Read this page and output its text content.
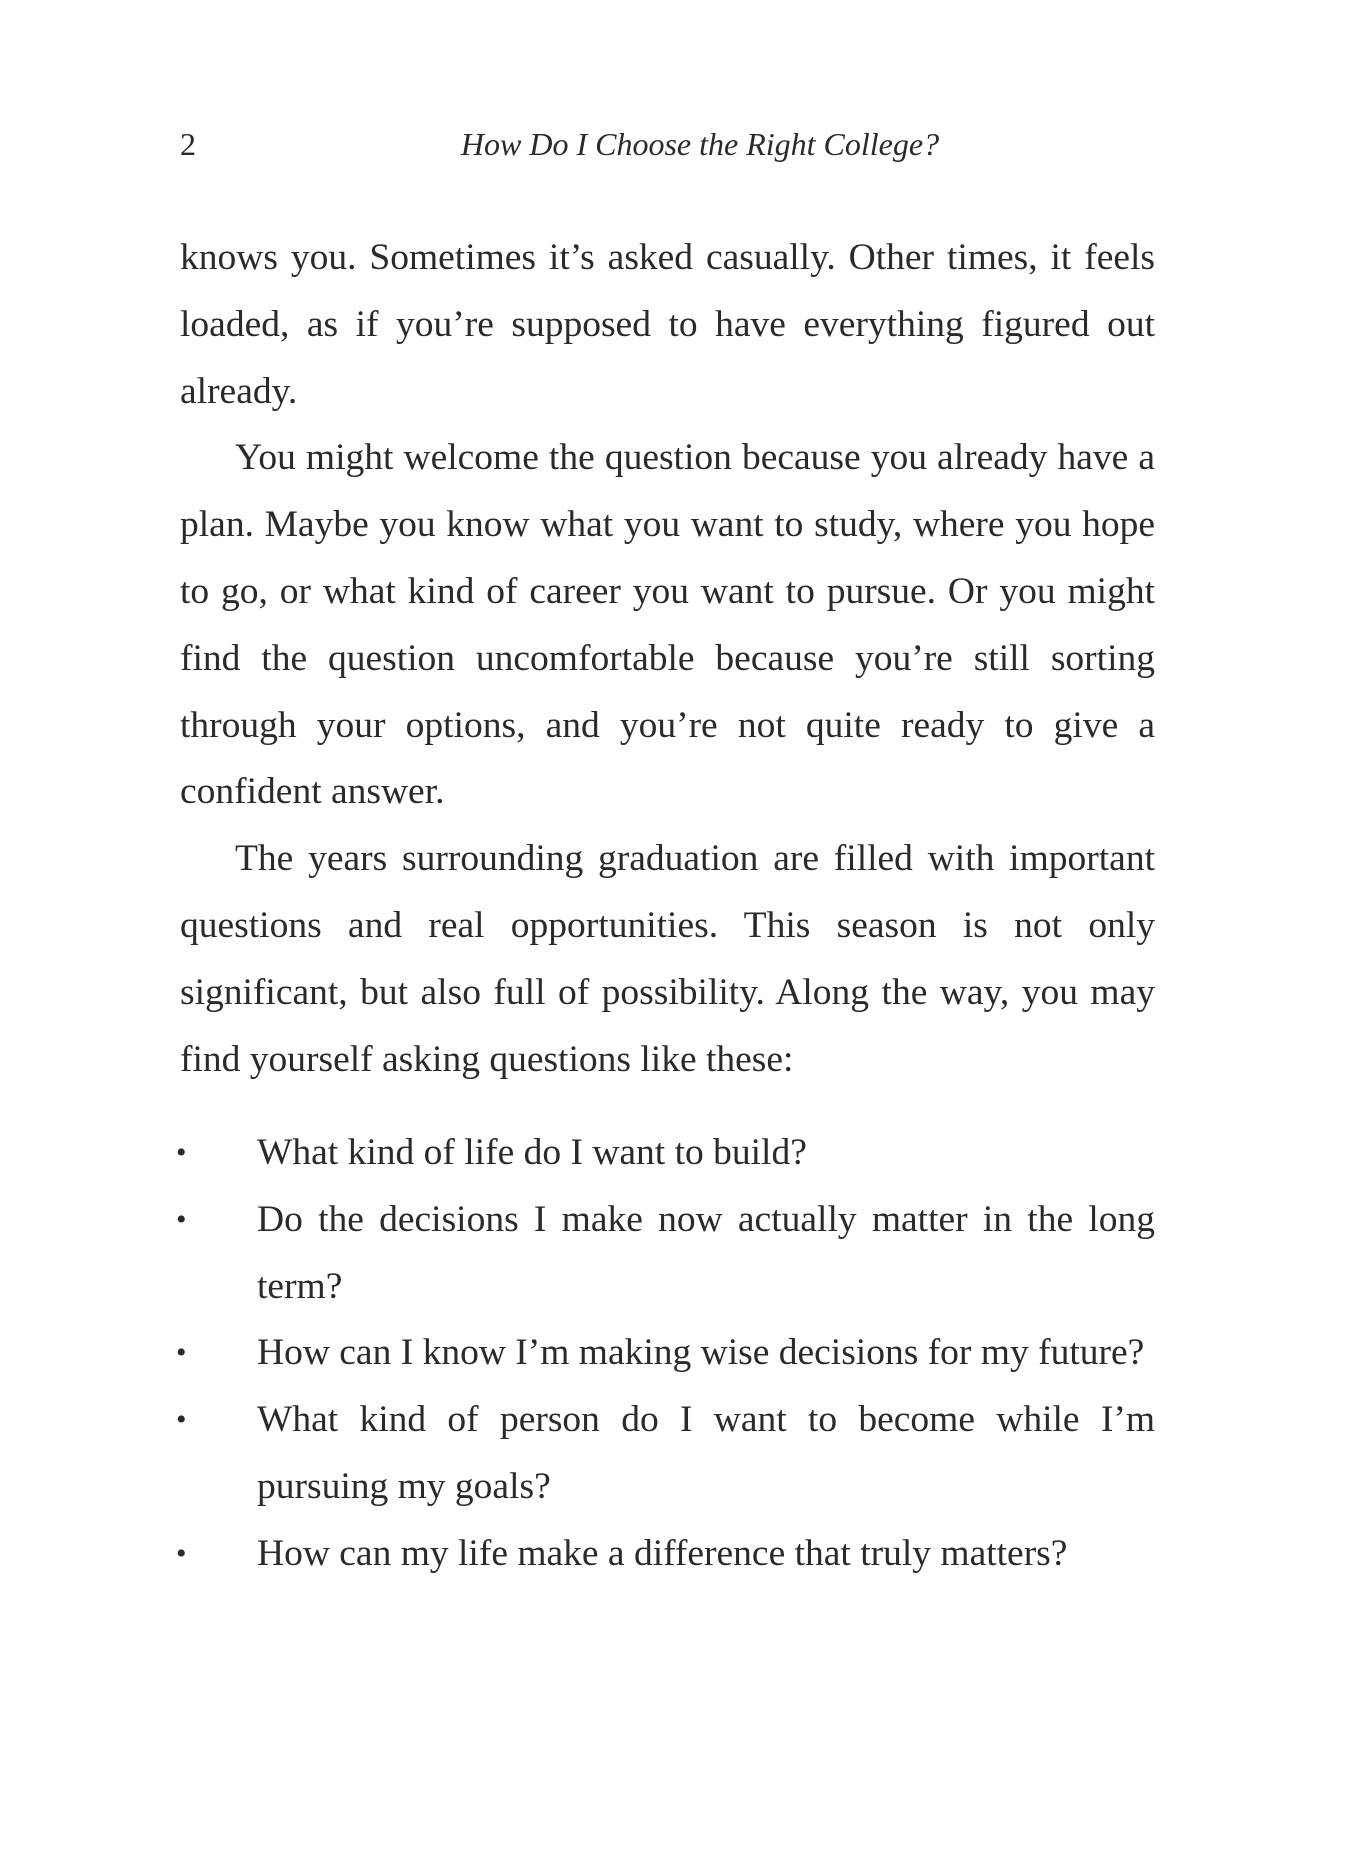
2	How Do I Choose the Right College?

knows you. Sometimes it’s asked casually. Other times, it feels loaded, as if you’re supposed to have everything figured out already.

You might welcome the question because you already have a plan. Maybe you know what you want to study, where you hope to go, or what kind of career you want to pursue. Or you might find the question uncomfortable because you’re still sorting through your options, and you’re not quite ready to give a confident answer.

The years surrounding graduation are filled with important questions and real opportunities. This season is not only significant, but also full of possibility. Along the way, you may find yourself asking questions like these:

• What kind of life do I want to build?
• Do the decisions I make now actually matter in the long term?
• How can I know I’m making wise decisions for my future?
• What kind of person do I want to become while I’m pursuing my goals?
• How can my life make a difference that truly matters?
